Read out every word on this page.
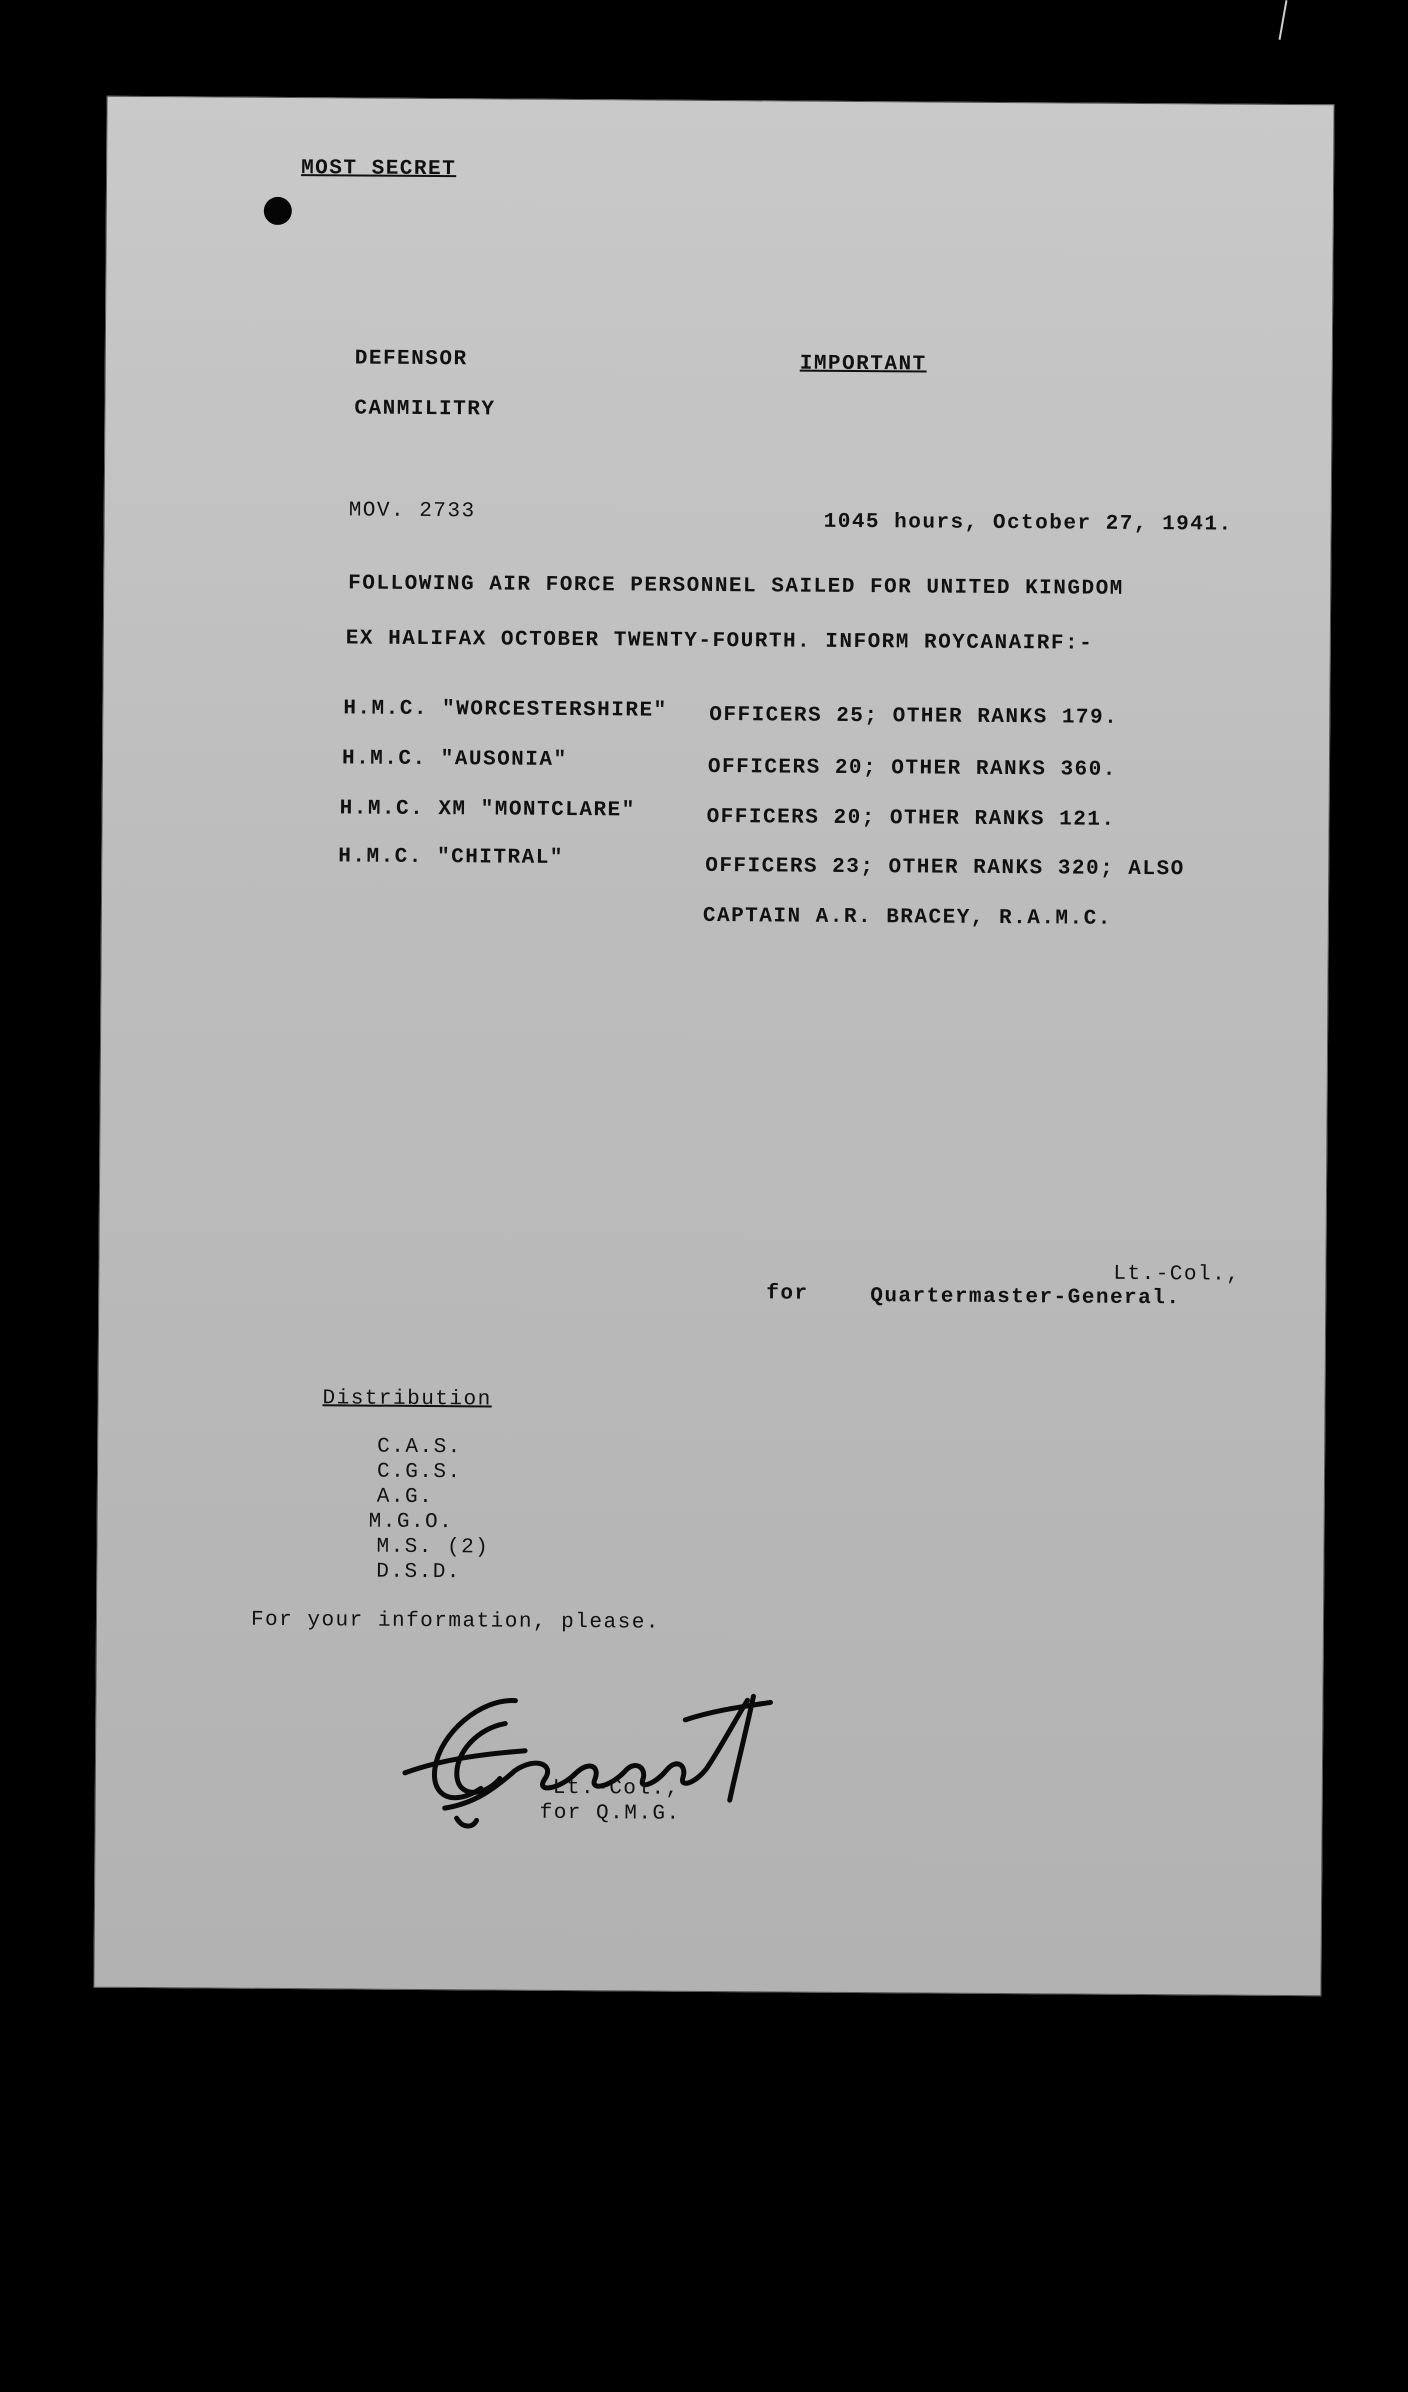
MOST SECRET
DEFENSOR
CANMILITRY
IMPORTANT
MOV. 2733	1045 hours, October 27, 1941.
FOLLOWING AIR FORCE PERSONNEL SAILED FOR UNITED KINGDOM
EX HALIFAX OCTOBER TWENTY-FOURTH. INFORM ROYCANAIRF:-
H.M.C. "WORCESTERSHIRE" OFFICERS 25; OTHER RANKS 179.
H.M.C. "AUSONIA"	OFFICERS 20; OTHER RANKS 360.
H.M.C. XM "MONTCLARE"	OFFICERS 20; OTHER RANKS 121.
H.M.C. "CHITRAL"	OFFICERS 23; OTHER RANKS 320; ALSO
CAPTAIN A.R. BRACEY, R.A.M.C.

Lt.-Col.,
for	Quartermaster-General.
Distribution
C.A.S.
C.G.S.
A.G.
M.G.O.
M.S. (2)
D.S.D.
For your information, please.
Lt.-Col.,
for Q.M.G.
